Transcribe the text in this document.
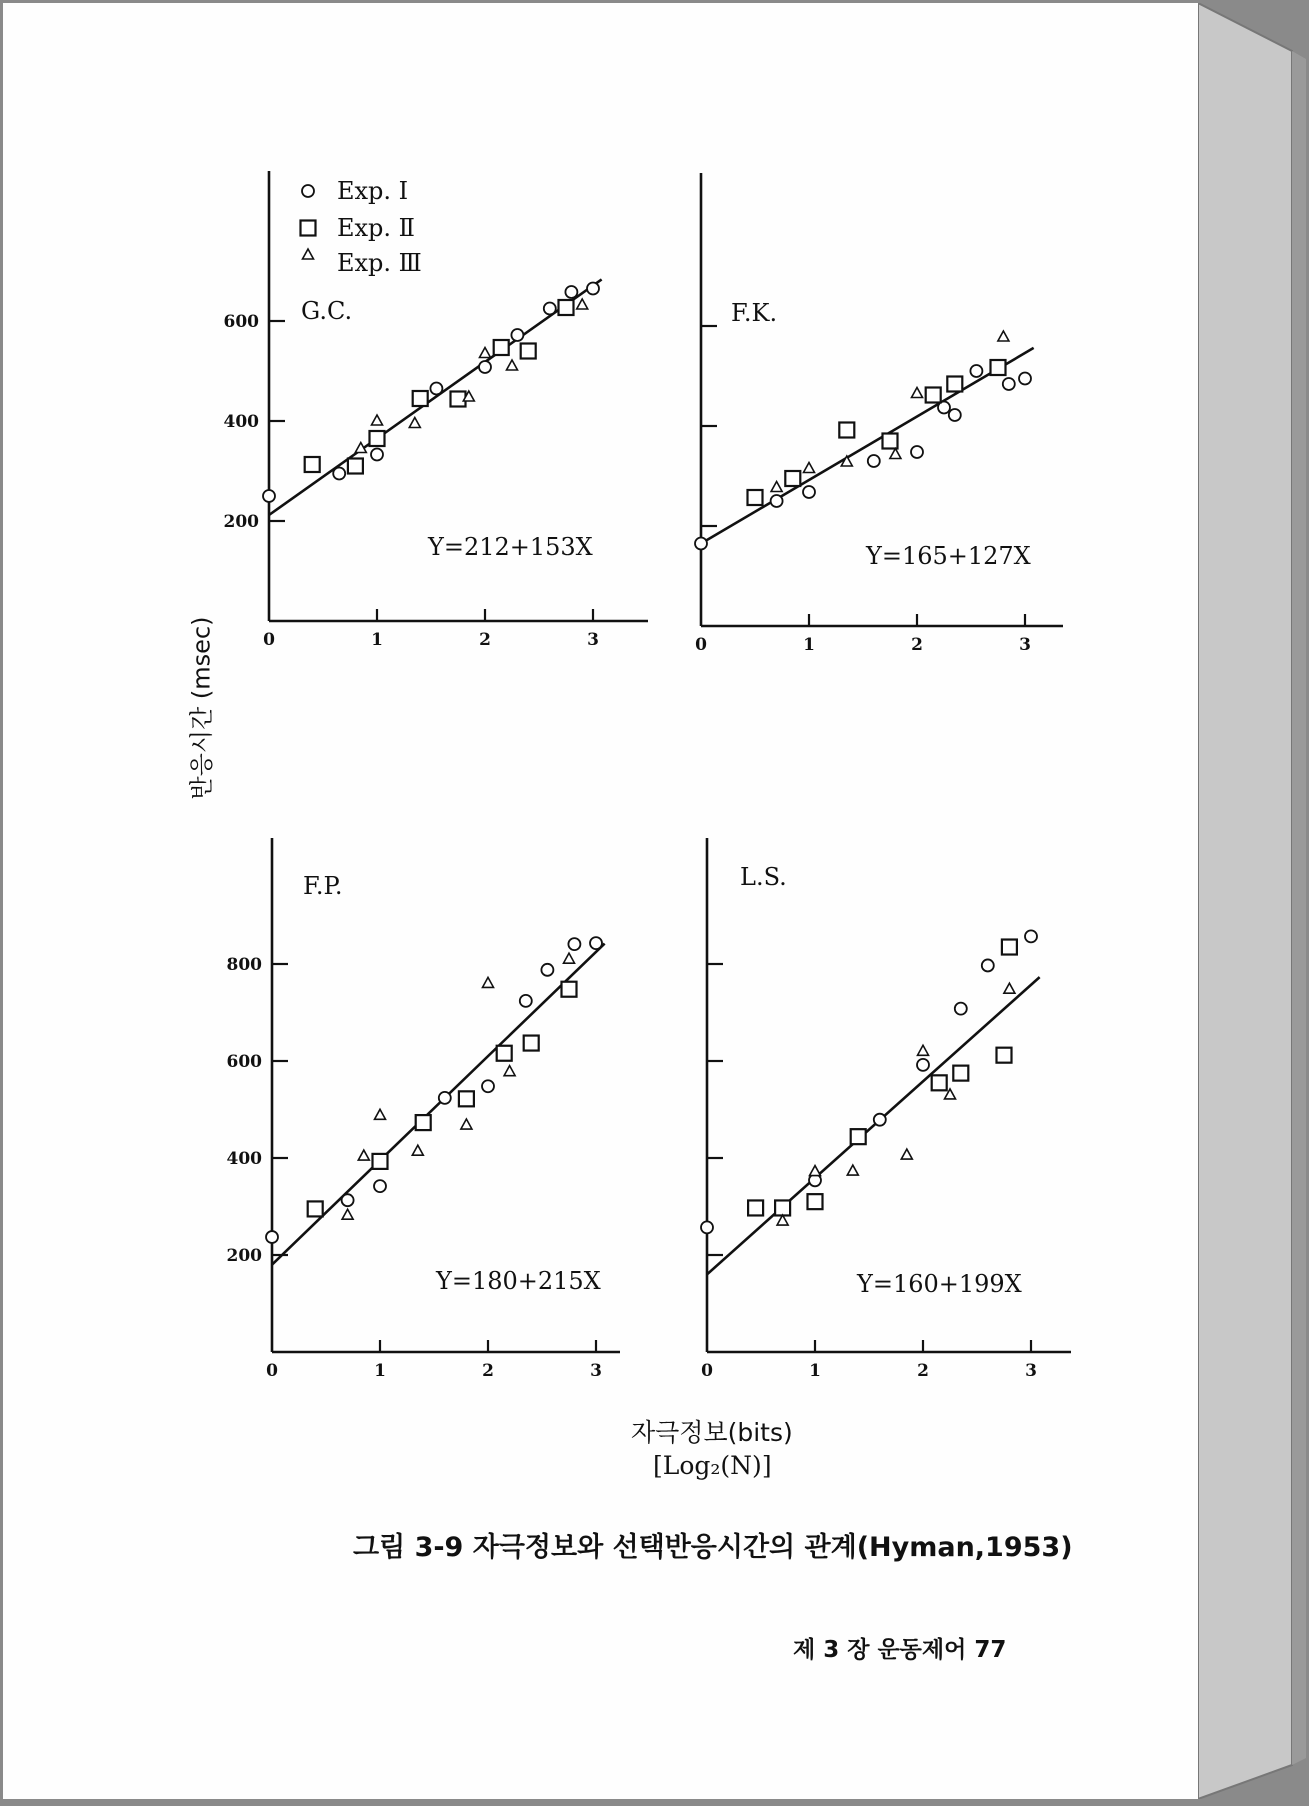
0	1	2	3
200
400
600 G.C.
Y=212+153X
0	1	2	3
F.K.
Y=165+127X
0	1	2	3
200
400
600
800
F.P.
Y=180+215X
0	1	2	3
L.S.
Y=160+199X
Exp. Ⅰ
Exp. Ⅱ
Exp. Ⅲ
반응시간 (msec)
자극정보(bits)
[Log₂(N)]
그림 3-9 자극정보와 선택반응시간의 관계(Hyman,1953)
제 3 장 운동제어 77
